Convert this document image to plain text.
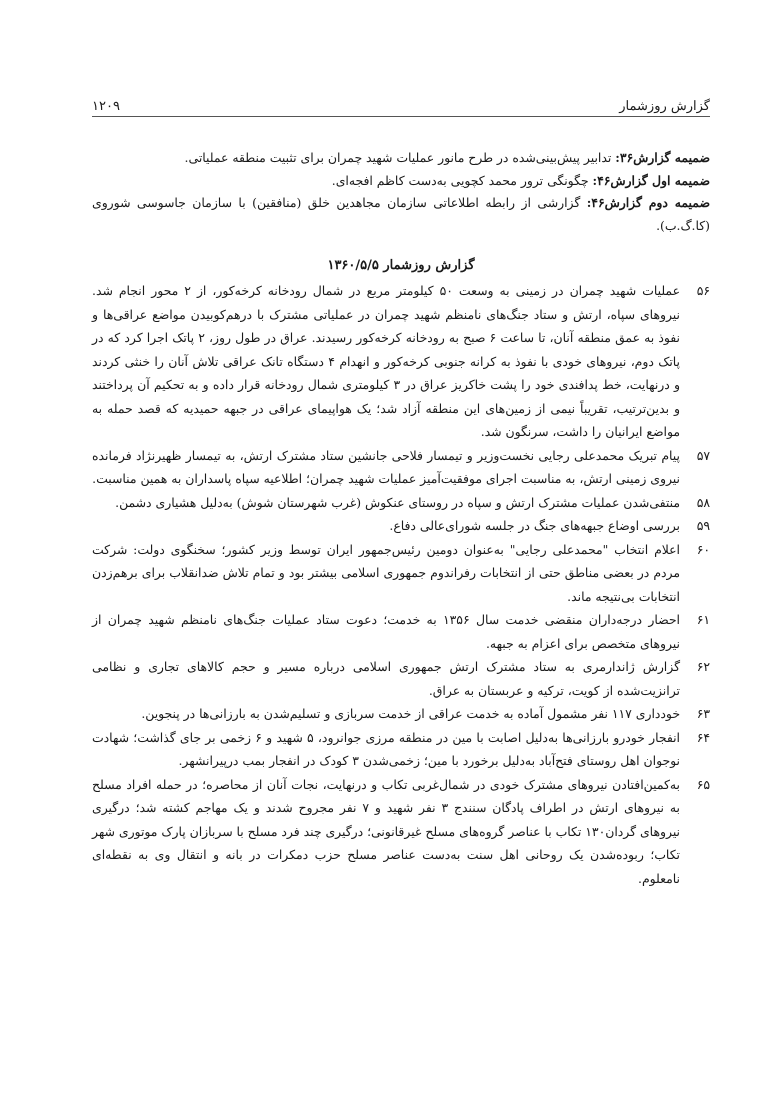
گزارش روزشمار
۱۲۰۹

ضمیمه گزارش۳۶: تدابیر پیش‌بینی‌شده در طرح مانور عملیات شهید چمران برای تثبیت منطقه عملیاتی.

ضمیمه اول گزارش۴۶: چگونگی ترور محمد کچویی به‌دست کاظم افجه‌ای.

ضمیمه دوم گزارش۴۶: گزارشی از رابطه اطلاعاتی سازمان مجاهدین خلق (منافقین) با سازمان جاسوسی شوروی (کا.گ.ب).

گزارش روزشمار ۱۳۶۰/۵/۵
۵۶
عملیات شهید چمران در زمینی به وسعت ۵۰ کیلومتر مربع در شمال رودخانه کرخه‌کور، از ۲ محور انجام شد. نیروهای سپاه، ارتش و ستاد جنگ‌های نامنظم شهید چمران در عملیاتی مشترک با درهم‌کوبیدن مواضع عراقی‌ها و نفوذ به عمق منطقه آنان، تا ساعت ۶ صبح به رودخانه کرخه‌کور رسیدند. عراق در طول روز، ۲ پاتک اجرا کرد که در پاتک دوم، نیروهای خودی با نفوذ به کرانه جنوبی کرخه‌کور و انهدام ۴ دستگاه تانک عراقی تلاش آنان را خنثی کردند و درنهایت، خط پدافندی خود را پشت خاکریز عراق در ۳ کیلومتری شمال رودخانه قرار داده و به تحکیم آن پرداختند و بدین‌ترتیب، تقریباً نیمی از زمین‌های این منطقه آزاد شد؛ یک هواپیمای عراقی در جبهه حمیدیه که قصد حمله به مواضع ایرانیان را داشت، سرنگون شد.
۵۷
پیام تبریک محمدعلی رجایی نخست‌وزیر و تیمسار فلاحی جانشین ستاد مشترک ارتش، به تیمسار ظهیرنژاد فرمانده نیروی زمینی ارتش، به مناسبت اجرای موفقیت‌آمیز عملیات شهید چمران؛ اطلاعیه سپاه پاسداران به همین مناسبت.
۵۸
منتفی‌شدن عملیات مشترک ارتش و سپاه در روستای عنکوش (غرب شهرستان شوش) به‌دلیل هشیاری دشمن.
۵۹
بررسی اوضاع جبهه‌های جنگ در جلسه شورای‌عالی دفاع.
۶۰
اعلام انتخاب "محمدعلی رجایی" به‌عنوان دومین رئیس‌جمهور ایران توسط وزیر کشور؛ سخنگوی دولت: شرکت مردم در بعضی مناطق حتی از انتخابات رفراندوم جمهوری اسلامی بیشتر بود و تمام تلاش ضدانقلاب برای برهم‌زدن انتخابات بی‌نتیجه ماند.
۶۱
احضار درجه‌داران منقضی خدمت سال ۱۳۵۶ به خدمت؛ دعوت ستاد عملیات جنگ‌های نامنظم شهید چمران از نیروهای متخصص برای اعزام به جبهه.
۶۲
گزارش ژاندارمری به ستاد مشترک ارتش جمهوری اسلامی درباره مسیر و حجم کالاهای تجاری و نظامی ترانزیت‌شده از کویت، ترکیه و عربستان به عراق.
۶۳
خودداری ۱۱۷ نفر مشمول آماده به خدمت عراقی از خدمت سربازی و تسلیم‌شدن به بارزانی‌ها در پنجوین.
۶۴
انفجار خودرو بارزانی‌ها به‌دلیل اصابت با مین در منطقه مرزی جوانرود، ۵ شهید و ۶ زخمی بر جای گذاشت؛ شهادت نوجوان اهل روستای فتح‌آباد به‌دلیل برخورد با مین؛ زخمی‌شدن ۳ کودک در انفجار بمب درپیرانشهر.
۶۵
به‌کمین‌افتادن نیروهای مشترک خودی در شمال‌غربی تکاب و درنهایت، نجات آنان از محاصره؛ در حمله افراد مسلح به نیروهای ارتش در اطراف پادگان سنندج ۳ نفر شهید و ۷ نفر مجروح شدند و یک مهاجم کشته شد؛ درگیری نیروهای گردان۱۳۰ تکاب با عناصر گروه‌های مسلح غیرقانونی؛ درگیری چند فرد مسلح با سربازان پارک موتوری شهر تکاب؛ ربوده‌شدن یک روحانی اهل سنت به‌دست عناصر مسلح حزب دمکرات در بانه و انتقال وی به نقطه‌ای نامعلوم.
